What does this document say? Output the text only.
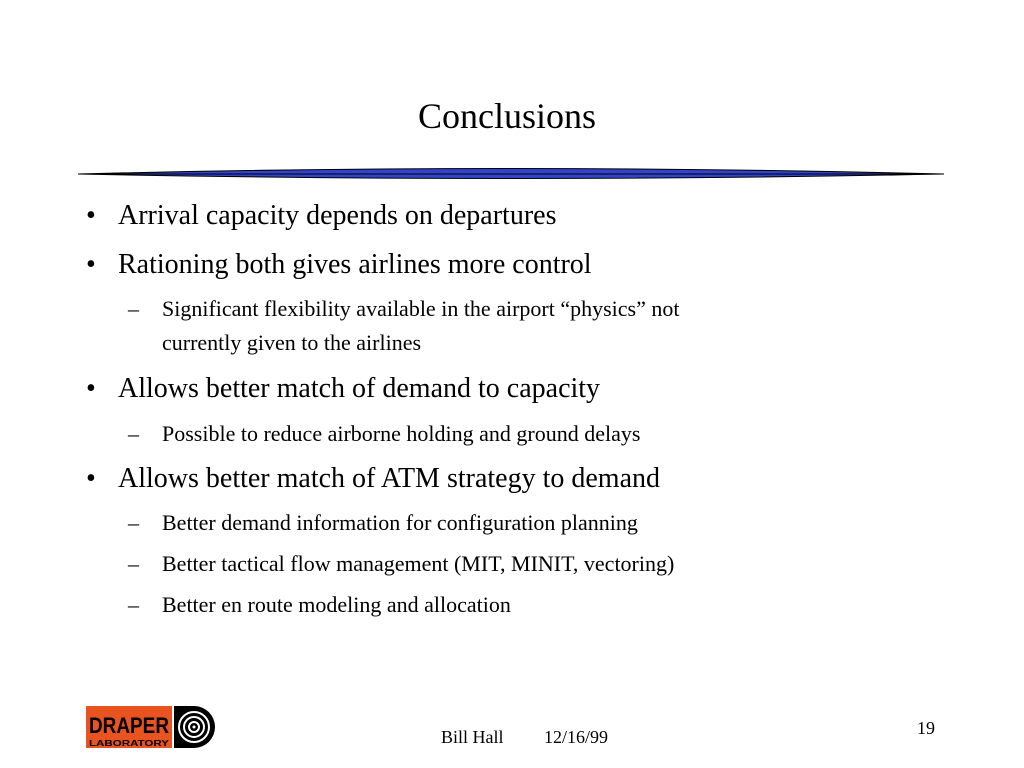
Conclusions
• Arrival capacity depends on departures
• Rationing both gives airlines more control
– Significant flexibility available in the airport “physics” not
currently given to the airlines
• Allows better match of demand to capacity
– Possible to reduce airborne holding and ground delays
• Allows better match of ATM strategy to demand
– Better demand information for configuration planning
– Better tactical flow management (MIT, MINIT, vectoring)
– Better en route modeling and allocation
DRAPER
LABORATORY	Bill Hall 12/16/99	19
